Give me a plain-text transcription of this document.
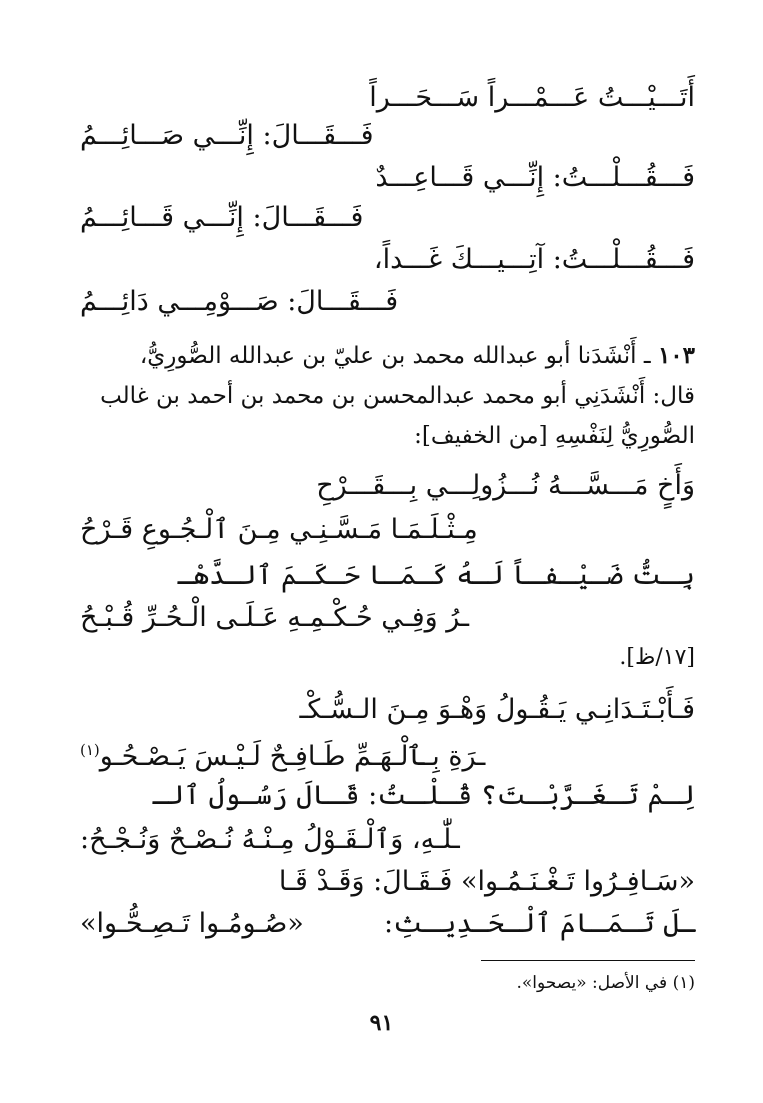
أَتَـــيْـــتُ عَـــمْـــراً سَـــحَـــراً
فَـــقَـــالَ: إِنِّـــي صَـــائِـــمُ
فَـــقُـــلْـــتُ: إِنِّـــي قَـــاعِـــدٌ
فَـــقَـــالَ: إِنِّـــي قَـــائِـــمُ
فَـــقُـــلْـــتُ: آتِـــيـــكَ غَـــداً،
فَـــقَـــالَ: صَـــوْمِـــي دَائِـــمُ
١٠٣ ـ أَنْشَدَنا أبو عبدالله محمد بن عليّ بن عبدالله الصُّورِيُّ،
قال: أَنْشَدَنِي أبو محمد عبدالمحسن بن محمد بن أحمد بن غالب
الصُّورِيُّ لِنَفْسِهِ [من الخفيف]:
وَأَخٍ مَـــسَّـــهُ نُـــزُولِـــي بِـــقَـــرْحِ
مِـثْـلَـمَـا مَـسَّـنِـي مِـنَ ٱلْـجُـوعِ قَـرْحُ
بِـتُّ ضَـيْـفـاً لَـهُ كَـمَـا حَـكَـمَ ٱلـدَّهْـ
ـرُ وَفِـي حُـكْـمِـهِ عَـلَـى الْـحُـرِّ قُـبْـحُ
[١٧/ظ].
فَـأَبْـتَـدَانِـي يَـقُـولُ وَهْـوَ مِـنَ الـسُّـكْـ
ـرَةِ بِـٱلْـهَـمِّ طَـافِـحٌ لَـيْـسَ يَـصْـحُـو$^{(١)}$
لِـمْ تَـغَـرَّبْـتَ؟ قُـلْـتُ: قَـالَ رَسُـولُ ٱلـ
ـلّٰـهِ، وَٱلْـقَـوْلُ مِـنْـهُ نُـصْـحٌ وَنُـجْـحُ:
«سَـافِـرُوا تَـغْـنَـمُـوا» فَـقَـالَ: وَقَـدْ قَـا
ـلَ تَـمَـامَ ٱلْـحَـدِيـثِ:
«صُـومُـوا تَـصِـحُّـوا»
(١) في الأصل: «يصحوا».
٩١
